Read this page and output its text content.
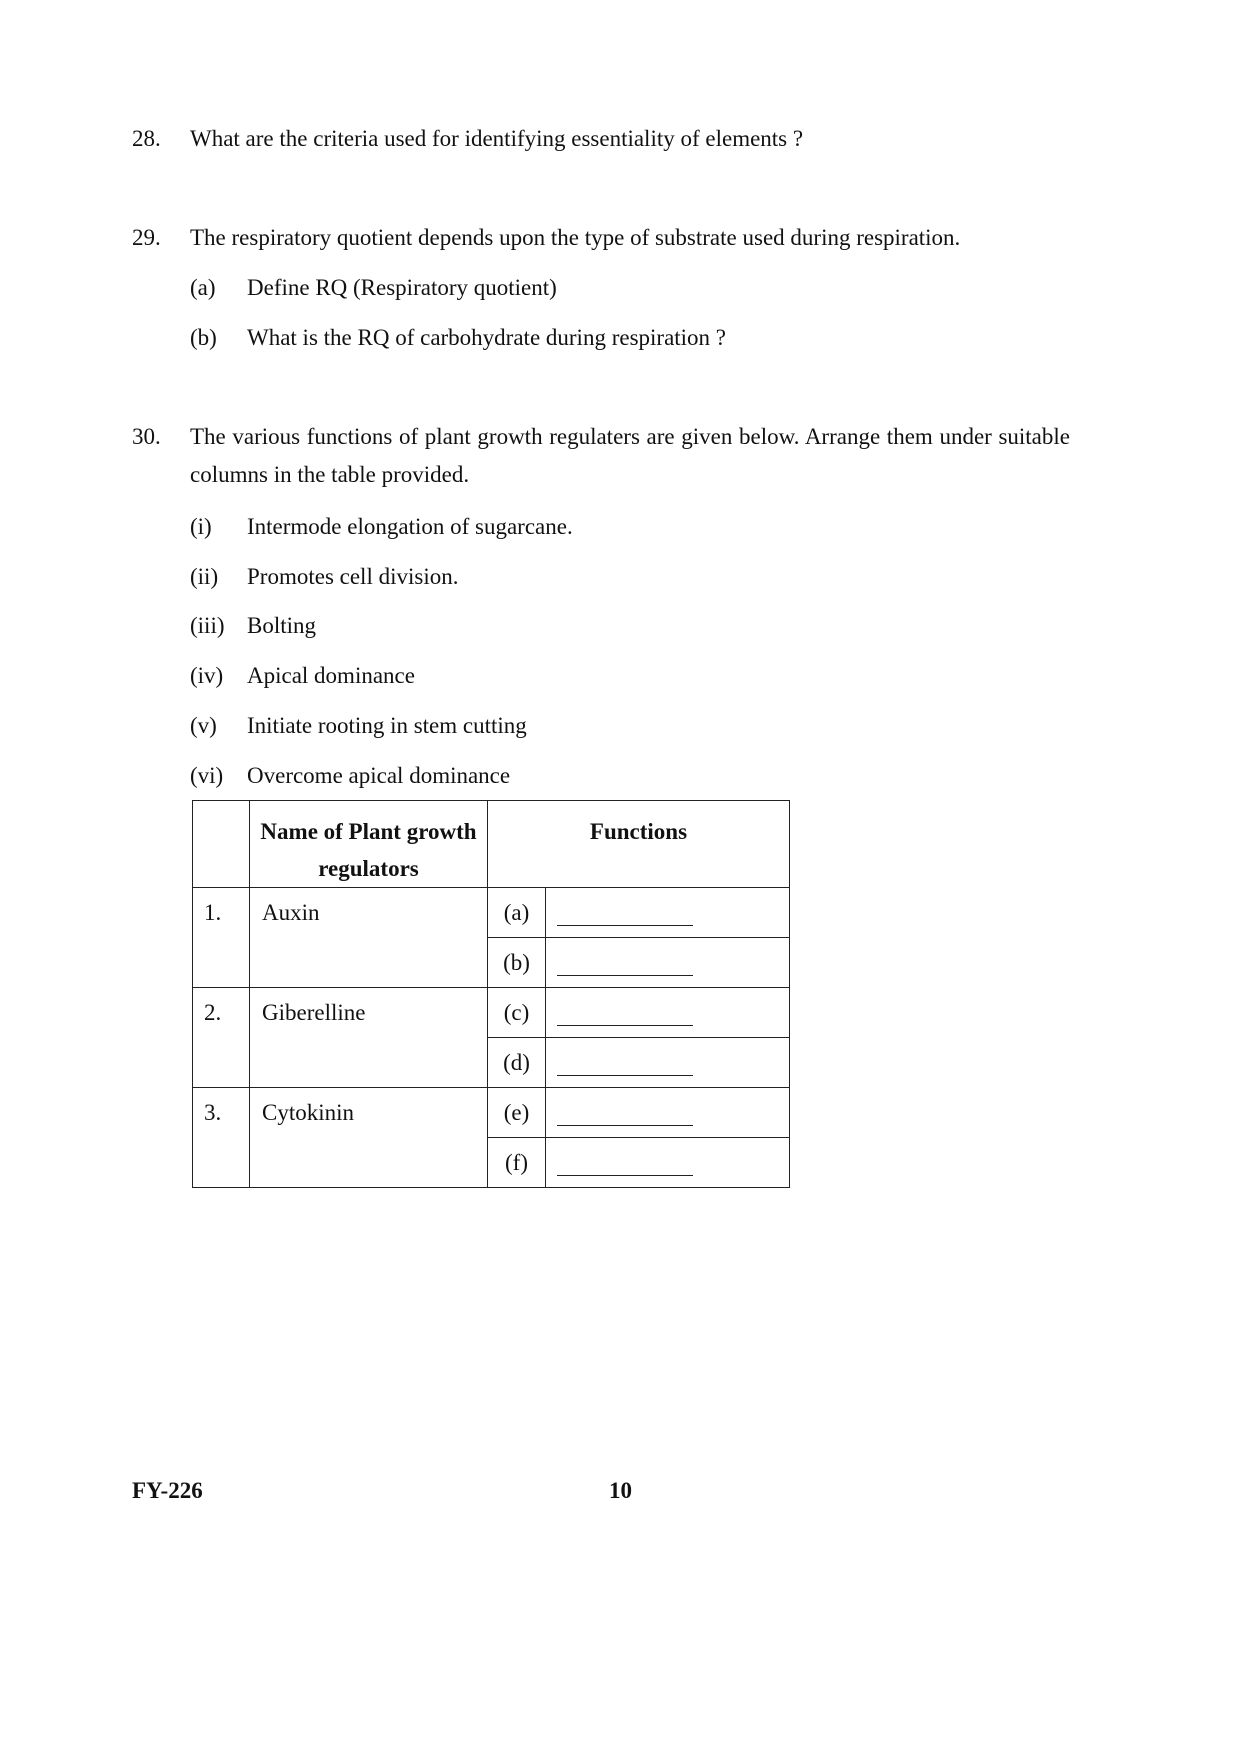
28. What are the criteria used for identifying essentiality of elements ?
29. The respiratory quotient depends upon the type of substrate used during respiration.
(a) Define RQ (Respiratory quotient)
(b) What is the RQ of carbohydrate during respiration ?
30. The various functions of plant growth regulaters are given below. Arrange them under suitable columns in the table provided.
(i) Intermode elongation of sugarcane.
(ii) Promotes cell division.
(iii) Bolting
(iv) Apical dominance
(v) Initiate rooting in stem cutting
(vi) Overcome apical dominance

	Name of Plant growth regulators	Functions	

1.	Auxin	(a)	

		(b)	

2.	Giberelline	(c)	

		(d)	

3.	Cytokinin	(e)	

		(f)	

FY-226	10
